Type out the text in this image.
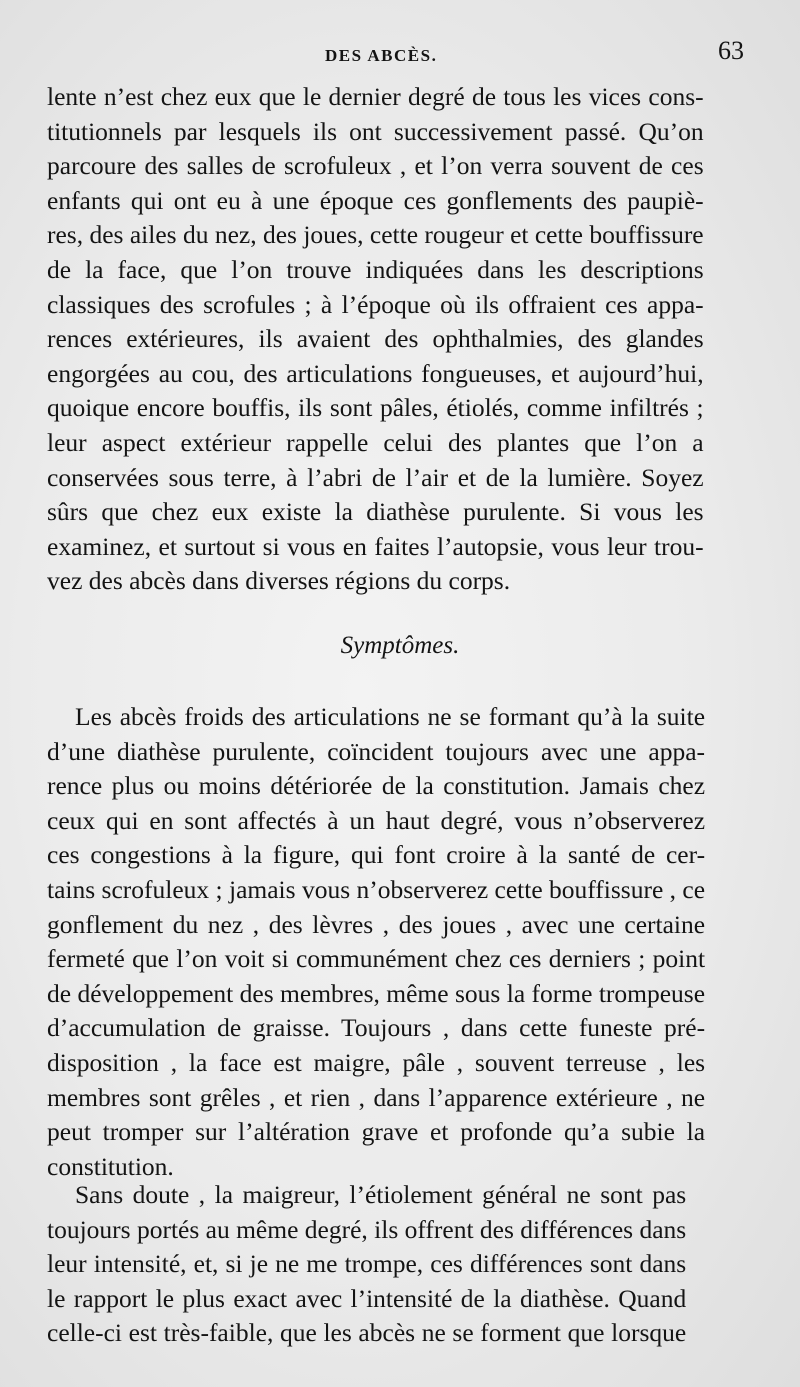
DES ABCÈS.	63
lente n’est chez eux que le dernier degré de tous les vices cons-
titutionnels par lesquels ils ont successivement passé. Qu’on
parcoure des salles de scrofuleux , et l’on verra souvent de ces
enfants qui ont eu à une époque ces gonflements des paupiè-
res, des ailes du nez, des joues, cette rougeur et cette bouffissure
de la face, que l’on trouve indiquées dans les descriptions
classiques des scrofules ; à l’époque où ils offraient ces appa-
rences extérieures, ils avaient des ophthalmies, des glandes
engorgées au cou, des articulations fongueuses, et aujourd’hui,
quoique encore bouffis, ils sont pâles, étiolés, comme infiltrés ;
leur aspect extérieur rappelle celui des plantes que l’on a
conservées sous terre, à l’abri de l’air et de la lumière. Soyez
sûrs que chez eux existe la diathèse purulente. Si vous les
examinez, et surtout si vous en faites l’autopsie, vous leur trou-
vez des abcès dans diverses régions du corps.
Les abcès froids des articulations ne se formant qu’à la suite
d’une diathèse purulente, coïncident toujours avec une appa-
rence plus ou moins détériorée de la constitution. Jamais chez
ceux qui en sont affectés à un haut degré, vous n’observerez
ces congestions à la figure, qui font croire à la santé de cer-
tains scrofuleux ; jamais vous n’observerez cette bouffissure , ce
gonflement du nez , des lèvres , des joues , avec une certaine
fermeté que l’on voit si communément chez ces derniers ; point
de développement des membres, même sous la forme trompeuse
d’accumulation de graisse. Toujours , dans cette funeste pré-
disposition , la face est maigre, pâle , souvent terreuse , les
membres sont grêles , et rien , dans l’apparence extérieure , ne
peut tromper sur l’altération grave et profonde qu’a subie la
constitution.
Sans doute , la maigreur, l’étiolement général ne sont pas
toujours portés au même degré, ils offrent des différences dans
leur intensité, et, si je ne me trompe, ces différences sont dans
le rapport le plus exact avec l’intensité de la diathèse. Quand
celle-ci est très-faible, que les abcès ne se forment que lorsque
Symptômes.
